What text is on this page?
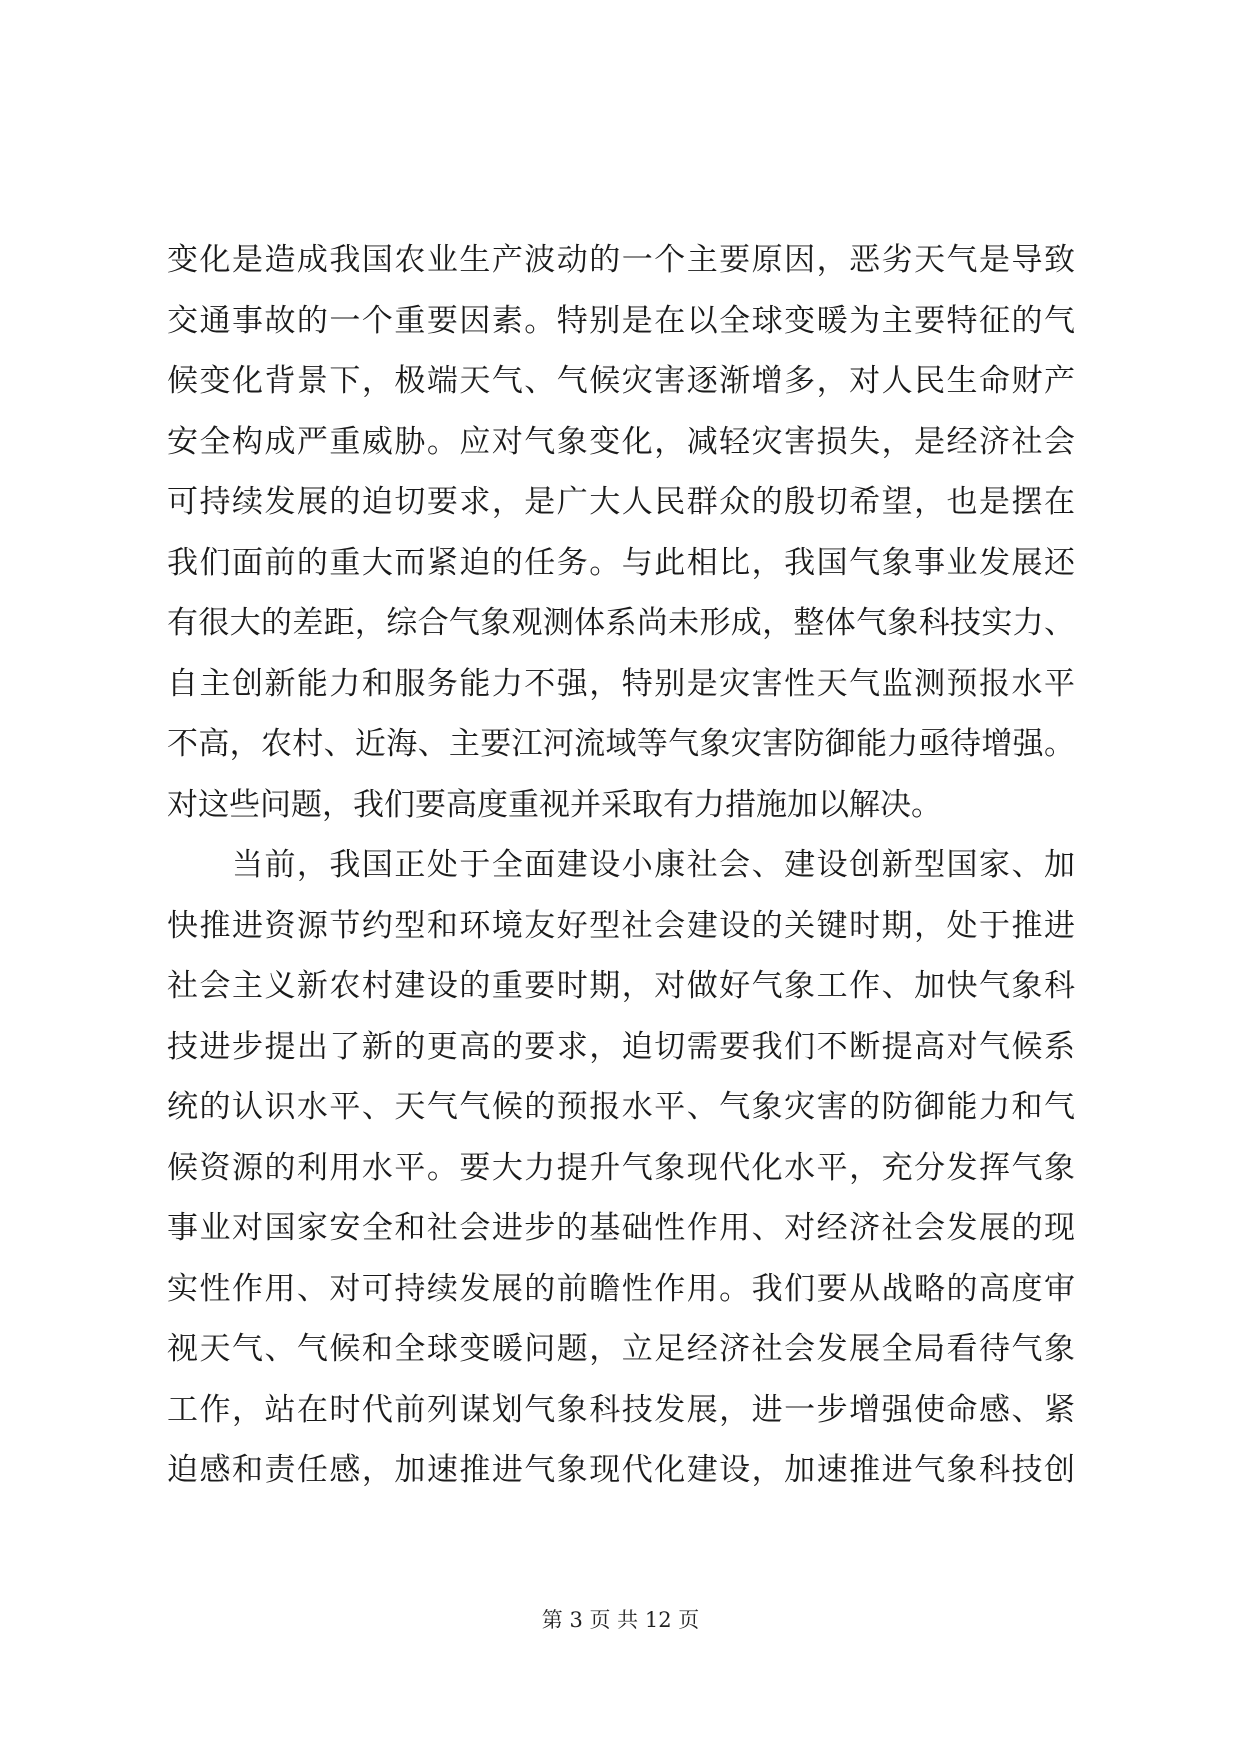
变化是造成我国农业生产波动的一个主要原因，恶劣天气是导致
交通事故的一个重要因素。特别是在以全球变暖为主要特征的气
候变化背景下，极端天气、气候灾害逐渐增多，对人民生命财产
安全构成严重威胁。应对气象变化，减轻灾害损失，是经济社会
可持续发展的迫切要求，是广大人民群众的殷切希望，也是摆在
我们面前的重大而紧迫的任务。与此相比，我国气象事业发展还
有很大的差距，综合气象观测体系尚未形成，整体气象科技实力、
自主创新能力和服务能力不强，特别是灾害性天气监测预报水平
不高，农村、近海、主要江河流域等气象灾害防御能力亟待增强。
对这些问题，我们要高度重视并采取有力措施加以解决。
　　当前，我国正处于全面建设小康社会、建设创新型国家、加
快推进资源节约型和环境友好型社会建设的关键时期，处于推进
社会主义新农村建设的重要时期，对做好气象工作、加快气象科
技进步提出了新的更高的要求，迫切需要我们不断提高对气候系
统的认识水平、天气气候的预报水平、气象灾害的防御能力和气
候资源的利用水平。要大力提升气象现代化水平，充分发挥气象
事业对国家安全和社会进步的基础性作用、对经济社会发展的现
实性作用、对可持续发展的前瞻性作用。我们要从战略的高度审
视天气、气候和全球变暖问题，立足经济社会发展全局看待气象
工作，站在时代前列谋划气象科技发展，进一步增强使命感、紧
迫感和责任感，加速推进气象现代化建设，加速推进气象科技创
第 3 页 共 12 页
